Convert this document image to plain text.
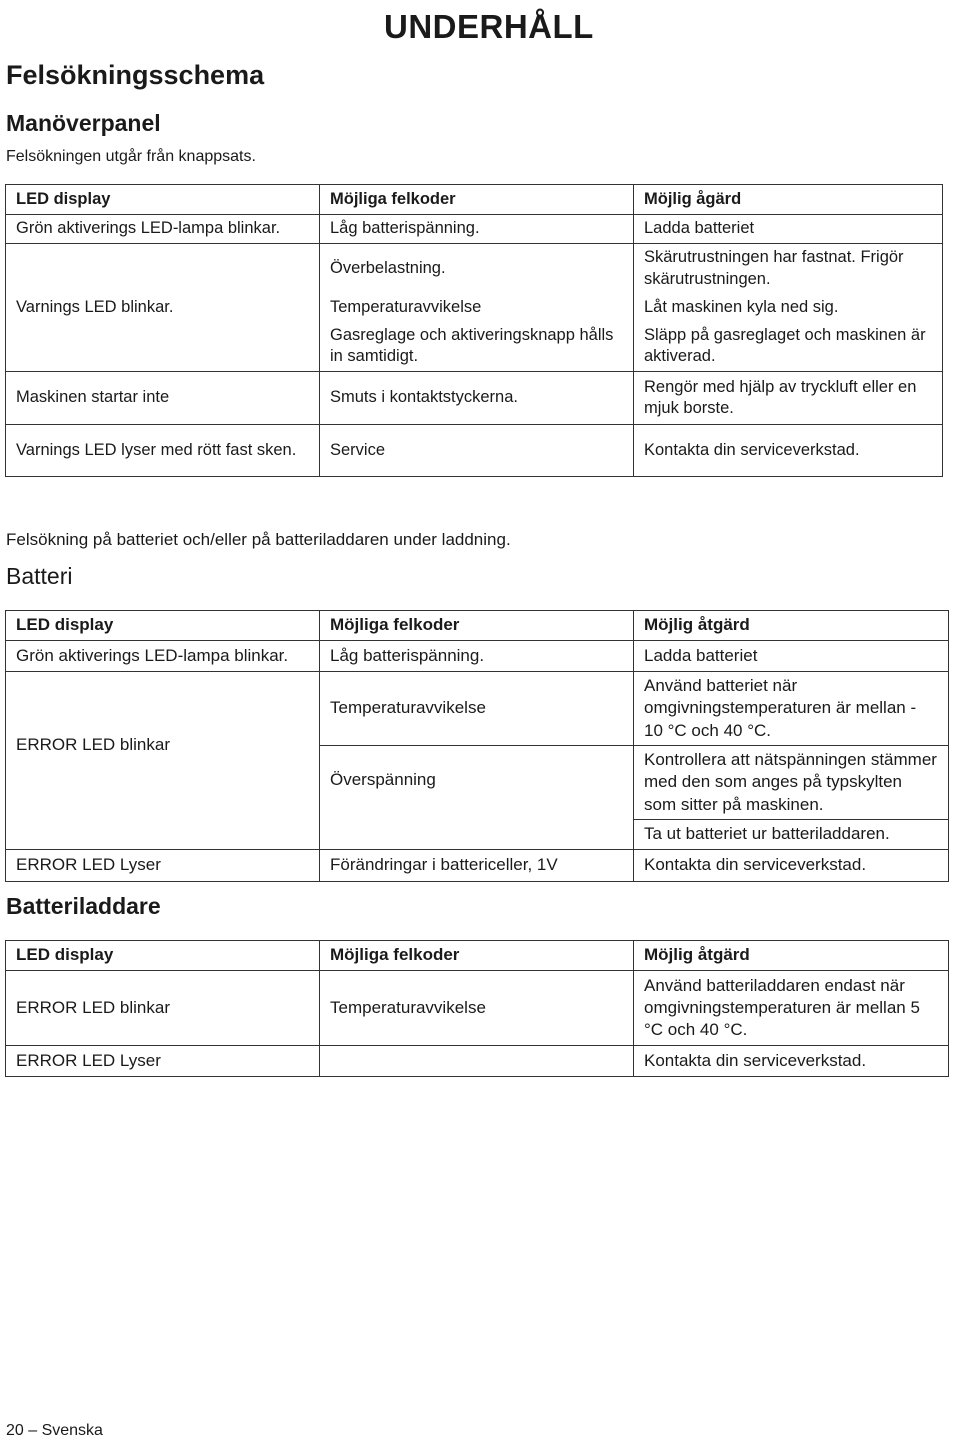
UNDERHÅLL
Felsökningsschema
Manöverpanel
Felsökningen utgår från knappsats.
LED display	Möjliga felkoder	Möjlig ågärd
Grön aktiverings LED-lampa blinkar.	Låg batterispänning.	Ladda batteriet
	Överbelastning.	Skärutrustningen har fastnat. Frigör skärutrustningen.
Varnings LED blinkar.	Temperaturavvikelse	Låt maskinen kyla ned sig.
	Gasreglage och aktiveringsknapp hålls in samtidigt.	Släpp på gasreglaget och maskinen är aktiverad.
Maskinen startar inte	Smuts i kontaktstyckerna.	Rengör med hjälp av tryckluft eller en mjuk borste.
Varnings LED lyser med rött fast sken.	Service	Kontakta din serviceverkstad.
Felsökning på batteriet och/eller på batteriladdaren under laddning.
Batteri
LED display	Möjliga felkoder	Möjlig åtgärd
Grön aktiverings LED-lampa blinkar.	Låg batterispänning.	Ladda batteriet
ERROR LED blinkar	Temperaturavvikelse	Använd batteriet när omgivningstemperaturen är mellan - 10 °C och 40 °C.
	Överspänning	Kontrollera att nätspänningen stämmer med den som anges på typskylten som sitter på maskinen.
		Ta ut batteriet ur batteriladdaren.
ERROR LED Lyser	Förändringar i battericeller, 1V	Kontakta din serviceverkstad.
Batteriladdare
LED display	Möjliga felkoder	Möjlig åtgärd
ERROR LED blinkar	Temperaturavvikelse	Använd batteriladdaren endast när omgivningstemperaturen är mellan 5 °C och 40 °C.
ERROR LED Lyser		Kontakta din serviceverkstad.
20 – Svenska
